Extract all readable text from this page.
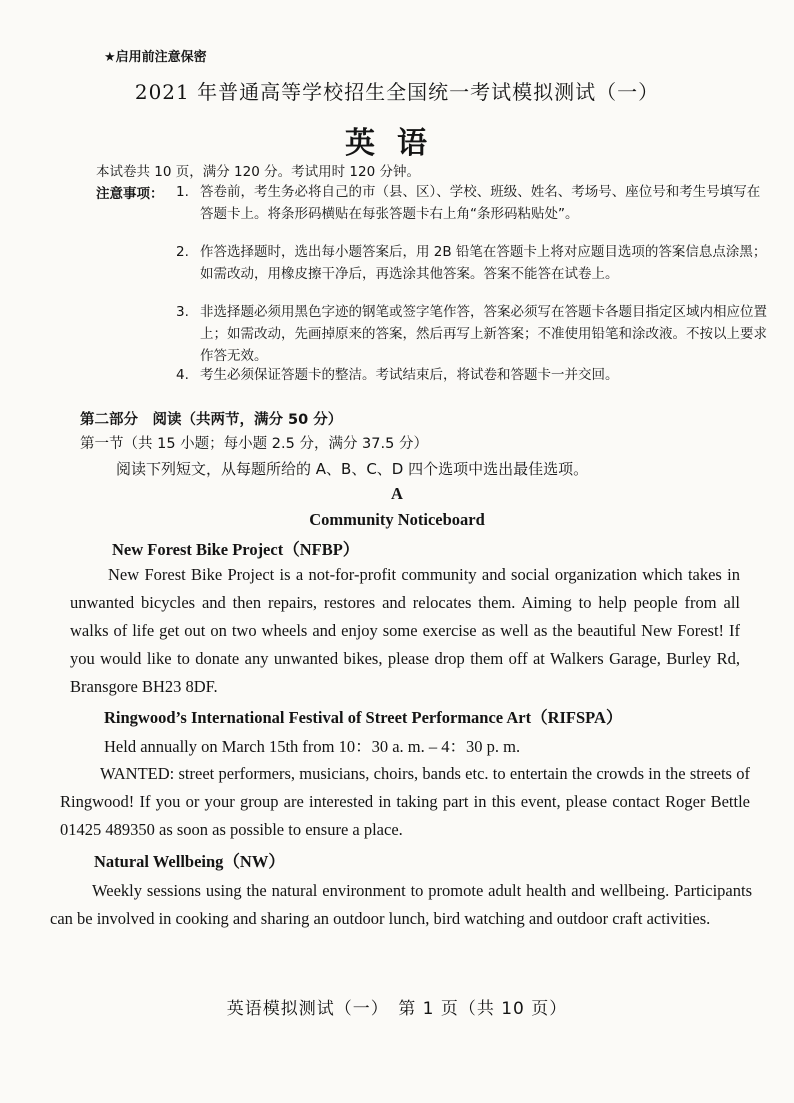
★启用前注意保密
2021 年普通高等学校招生全国统一考试模拟测试（一）
英语
本试卷共 10 页，满分 120 分。考试用时 120 分钟。
注意事项： 1. 答卷前，考生务必将自己的市（县、区）、学校、班级、姓名、考场号、座位号和考生号填写在答题卡上。将条形码横贴在每张答题卡右上角“条形码粘贴处”。
2. 作答选择题时，选出每小题答案后，用 2B 铅笔在答题卡上将对应题目选项的答案信息点涂黑；如需改动，用橡皮擦干净后，再选涂其他答案。答案不能答在试卷上。
3. 非选择题必须用黑色字迹的钢笔或签字笔作答，答案必须写在答题卡各题目指定区域内相应位置上；如需改动，先画掉原来的答案，然后再写上新答案；不准使用铅笔和涂改液。不按以上要求作答无效。
4. 考生必须保证答题卡的整洁。考试结束后，将试卷和答题卡一并交回。
第二部分　阅读（共两节，满分 50 分）
第一节（共 15 小题；每小题 2.5 分，满分 37.5 分）
阅读下列短文，从每题所给的 A、B、C、D 四个选项中选出最佳选项。
A
Community Noticeboard
New Forest Bike Project（NFBP）
New Forest Bike Project is a not-for-profit community and social organization which takes in unwanted bicycles and then repairs, restores and relocates them. Aiming to help people from all walks of life get out on two wheels and enjoy some exercise as well as the beautiful New Forest! If you would like to donate any unwanted bikes, please drop them off at Walkers Garage, Burley Rd, Bransgore BH23 8DF.
Ringwood’s International Festival of Street Performance Art（RIFSPA）
Held annually on March 15th from 10：30 a. m. – 4：30 p. m.
WANTED: street performers, musicians, choirs, bands etc. to entertain the crowds in the streets of Ringwood! If you or your group are interested in taking part in this event, please contact Roger Bettle 01425 489350 as soon as possible to ensure a place.
Natural Wellbeing（NW）
Weekly sessions using the natural environment to promote adult health and wellbeing. Participants can be involved in cooking and sharing an outdoor lunch, bird watching and outdoor craft activities.
英语模拟测试（一）　第 1 页（共 10 页）
